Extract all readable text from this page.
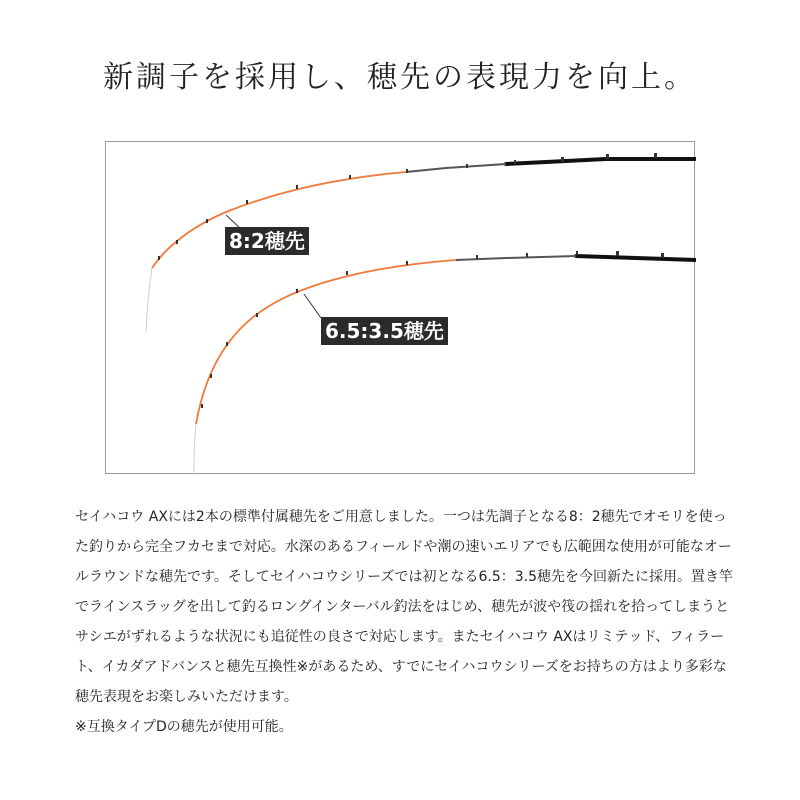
新調子を採用し、穂先の表現力を向上。
8:2穂先
6.5:3.5穂先

セイハコウ AXには2本の標準付属穂先をご用意しました。一つは先調子となる8：2穂先でオモリを使った釣りから完全フカセまで対応。水深のあるフィールドや潮の速いエリアでも広範囲な使用が可能なオールラウンドな穂先です。そしてセイハコウシリーズでは初となる6.5：3.5穂先を今回新たに採用。置き竿でラインスラッグを出して釣るロングインターバル釣法をはじめ、穂先が波や筏の揺れを拾ってしまうとサシエがずれるような状況にも追従性の良さで対応します。またセイハコウ AXはリミテッド、フィラート、イカダアドバンスと穂先互換性※があるため、すでにセイハコウシリーズをお持ちの方はより多彩な穂先表現をお楽しみいただけます。

※互換タイプDの穂先が使用可能。
